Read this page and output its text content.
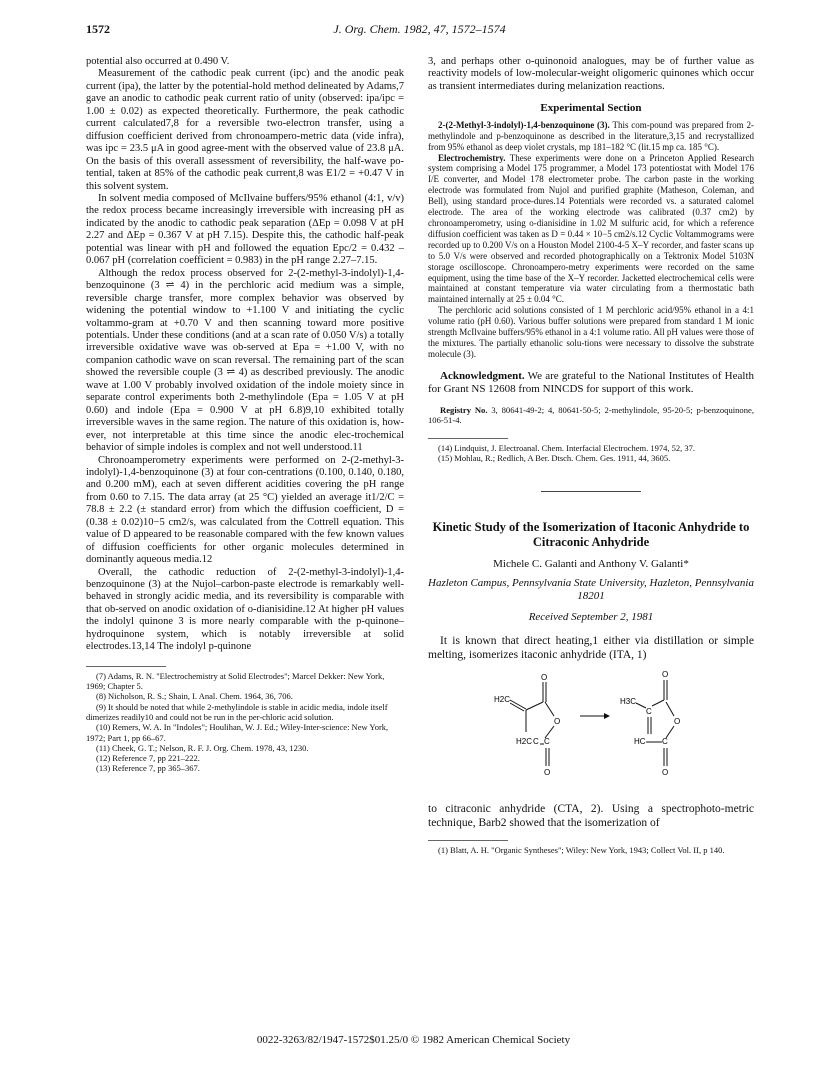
1572	J. Org. Chem. 1982, 47, 1572–1574

potential also occurred at 0.490 V.

Measurement of the cathodic peak current (ipc) and the anodic peak current (ipa), the latter by the potential-hold method delineated by Adams,7 gave an anodic to cathodic peak current ratio of unity (observed: ipa/ipc = 1.00 ± 0.02) as expected theoretically. Furthermore, the peak cathodic current calculated7,8 for a reversible two-electron transfer, using a diffusion coefficient derived from chronoampero-metric data (vide infra), was ipc = 23.5 μA in good agree-ment with the observed value of 23.8 μA. On the basis of this overall assessment of reversibility, the half-wave po-tential, taken at 85% of the cathodic peak current,8 was E1/2 = +0.47 V in this solvent system.

In solvent media composed of McIlvaine buffers/95% ethanol (4:1, v/v) the redox process became increasingly irreversible with increasing pH as indicated by the anodic to cathodic peak separation (ΔEp = 0.098 V at pH 2.27 and ΔEp = 0.367 V at pH 7.15). Despite this, the cathodic half-peak potential was linear with pH and followed the equation Epc/2 = 0.432 – 0.067 pH (correlation coefficient = 0.983) in the pH range 2.27–7.15.

Although the redox process observed for 2-(2-methyl-3-indolyl)-1,4-benzoquinone (3 ⇌ 4) in the perchloric acid medium was a simple, reversible charge transfer, more complex behavior was observed by widening the potential window to +1.100 V and initiating the cyclic voltammo-gram at +0.70 V and then scanning toward more positive potentials. Under these conditions (and at a scan rate of 0.050 V/s) a totally irreversible oxidative wave was ob-served at Epa = +1.00 V, with no companion cathodic wave on scan reversal. The remaining part of the scan showed the reversible couple (3 ⇌ 4) as described previously. The anodic wave at 1.00 V probably involved oxidation of the indole moiety since in separate control experiments both 2-methylindole (Epa = 1.05 V at pH 0.60) and indole (Epa = 0.900 V at pH 6.8)9,10 exhibited totally irreversible waves in the same region. The nature of this oxidation is, how-ever, not interpretable at this time since the anodic elec-trochemical behavior of simple indoles is complex and not well understood.11

Chronoamperometry experiments were performed on 2-(2-methyl-3-indolyl)-1,4-benzoquinone (3) at four con-centrations (0.100, 0.140, 0.180, and 0.200 mM), each at seven different acidities covering the pH range from 0.60 to 7.15. The data array (at 25 °C) yielded an average it1/2/C = 78.8 ± 2.2 (± standard error) from which the diffusion coefficient, D = (0.38 ± 0.02)10−5 cm2/s, was calculated from the Cottrell equation. This value of D appeared to be reasonable compared with the few known values of diffusion coefficients for other organic molecules determined in dominantly aqueous media.12

Overall, the cathodic reduction of 2-(2-methyl-3-indolyl)-1,4-benzoquinone (3) at the Nujol–carbon-paste electrode is remarkably well-behaved in strongly acidic media, and its reversibility is comparable with that ob-served on anodic oxidation of o-dianisidine.12 At higher pH values the indolyl quinone 3 is more nearly comparable with the p-quinone–hydroquinone system, which is notably irreversible at solid electrodes.13,14 The indolyl p-quinone

(7) Adams, R. N. "Electrochemistry at Solid Electrodes"; Marcel Dekker: New York, 1969; Chapter 5.
(8) Nicholson, R. S.; Shain, I. Anal. Chem. 1964, 36, 706.
(9) It should be noted that while 2-methylindole is stable in acidic media, indole itself dimerizes readily10 and could not be run in the per-chloric acid solution.
(10) Remers, W. A. In "Indoles"; Houlihan, W. J. Ed.; Wiley-Inter-science: New York, 1972; Part 1, pp 66–67.
(11) Cheek, G. T.; Nelson, R. F. J. Org. Chem. 1978, 43, 1230.
(12) Reference 7, pp 221–222.
(13) Reference 7, pp 365–367.

3, and perhaps other o-quinonoid analogues, may be of further value as reactivity models of low-molecular-weight oligomeric quinones which occur as transient intermediates during melanization reactions.

Experimental Section

2-(2-Methyl-3-indolyl)-1,4-benzoquinone (3). This com-pound was prepared from 2-methylindole and p-benzoquinone as described in the literature,3,15 and recrystallized from 95% ethanol as deep violet crystals, mp 181–182 °C (lit.15 mp ca. 185 °C).

Electrochemistry. These experiments were done on a Princeton Applied Research system comprising a Model 175 programmer, a Model 173 potentiostat with Model 176 I/E converter, and Model 178 electrometer probe. The carbon paste in the working electrode was formulated from Nujol and purified graphite (Matheson, Coleman, and Bell), using standard proce-dures.14 Potentials were recorded vs. a saturated calomel electrode. The area of the working electrode was calibrated (0.37 cm2) by chronoamperometry, using o-dianisidine in 1.02 M sulfuric acid, for which a reference diffusion coefficient was taken as D = 0.44 × 10−5 cm2/s.12 Cyclic Voltammograms were recorded up to 0.200 V/s on a Houston Model 2100-4-5 X–Y recorder, and faster scans up to 5.0 V/s were observed and recorded photographically on a Tektronix Model 5103N storage oscilloscope. Chronoampero-metry experiments were recorded on the same equipment, using the time base of the X–Y recorder. Jacketted electrochemical cells were maintained at constant temperature via water circulating from a thermostatic bath maintained internally at 25 ± 0.04 °C.

The perchloric acid solutions consisted of 1 M perchloric acid/95% ethanol in a 4:1 volume ratio (pH 0.60). Various buffer solutions were prepared from standard 1 M ionic strength McIlvaine buffers/95% ethanol in a 4:1 volume ratio. All pH values were those of the mixtures. The partially ethanolic solu-tions were necessary to dissolve the substrate molecule (3).

Acknowledgment. We are grateful to the National Institutes of Health for Grant NS 12608 from NINCDS for support of this work.

Registry No. 3, 80641-49-2; 4, 80641-50-5; 2-methylindole, 95-20-5; p-benzoquinone, 106-51-4.

(14) Lindquist, J. Electroanal. Chem. Interfacial Electrochem. 1974, 52, 37.
(15) Mohlau, R.; Redlich, A Ber. Dtsch. Chem. Ges. 1911, 44, 3605.
Kinetic Study of the Isomerization of Itaconic Anhydride to Citraconic Anhydride
Michele C. Galanti and Anthony V. Galanti*
Hazleton Campus, Pennsylvania State University, Hazleton, Pennsylvania 18201
Received September 2, 1981

It is known that direct heating,1 either via distillation or simple melting, isomerizes itaconic anhydride (ITA, 1)

H2C
O
O
H2C C C
O
H3C
C
O
O
HC C
O

to citraconic anhydride (CTA, 2). Using a spectrophoto-metric technique, Barb2 showed that the isomerization of

(1) Blatt, A. H. "Organic Syntheses"; Wiley: New York, 1943; Collect Vol. II, p 140.
0022-3263/82/1947-1572$01.25/0 © 1982 American Chemical Society
